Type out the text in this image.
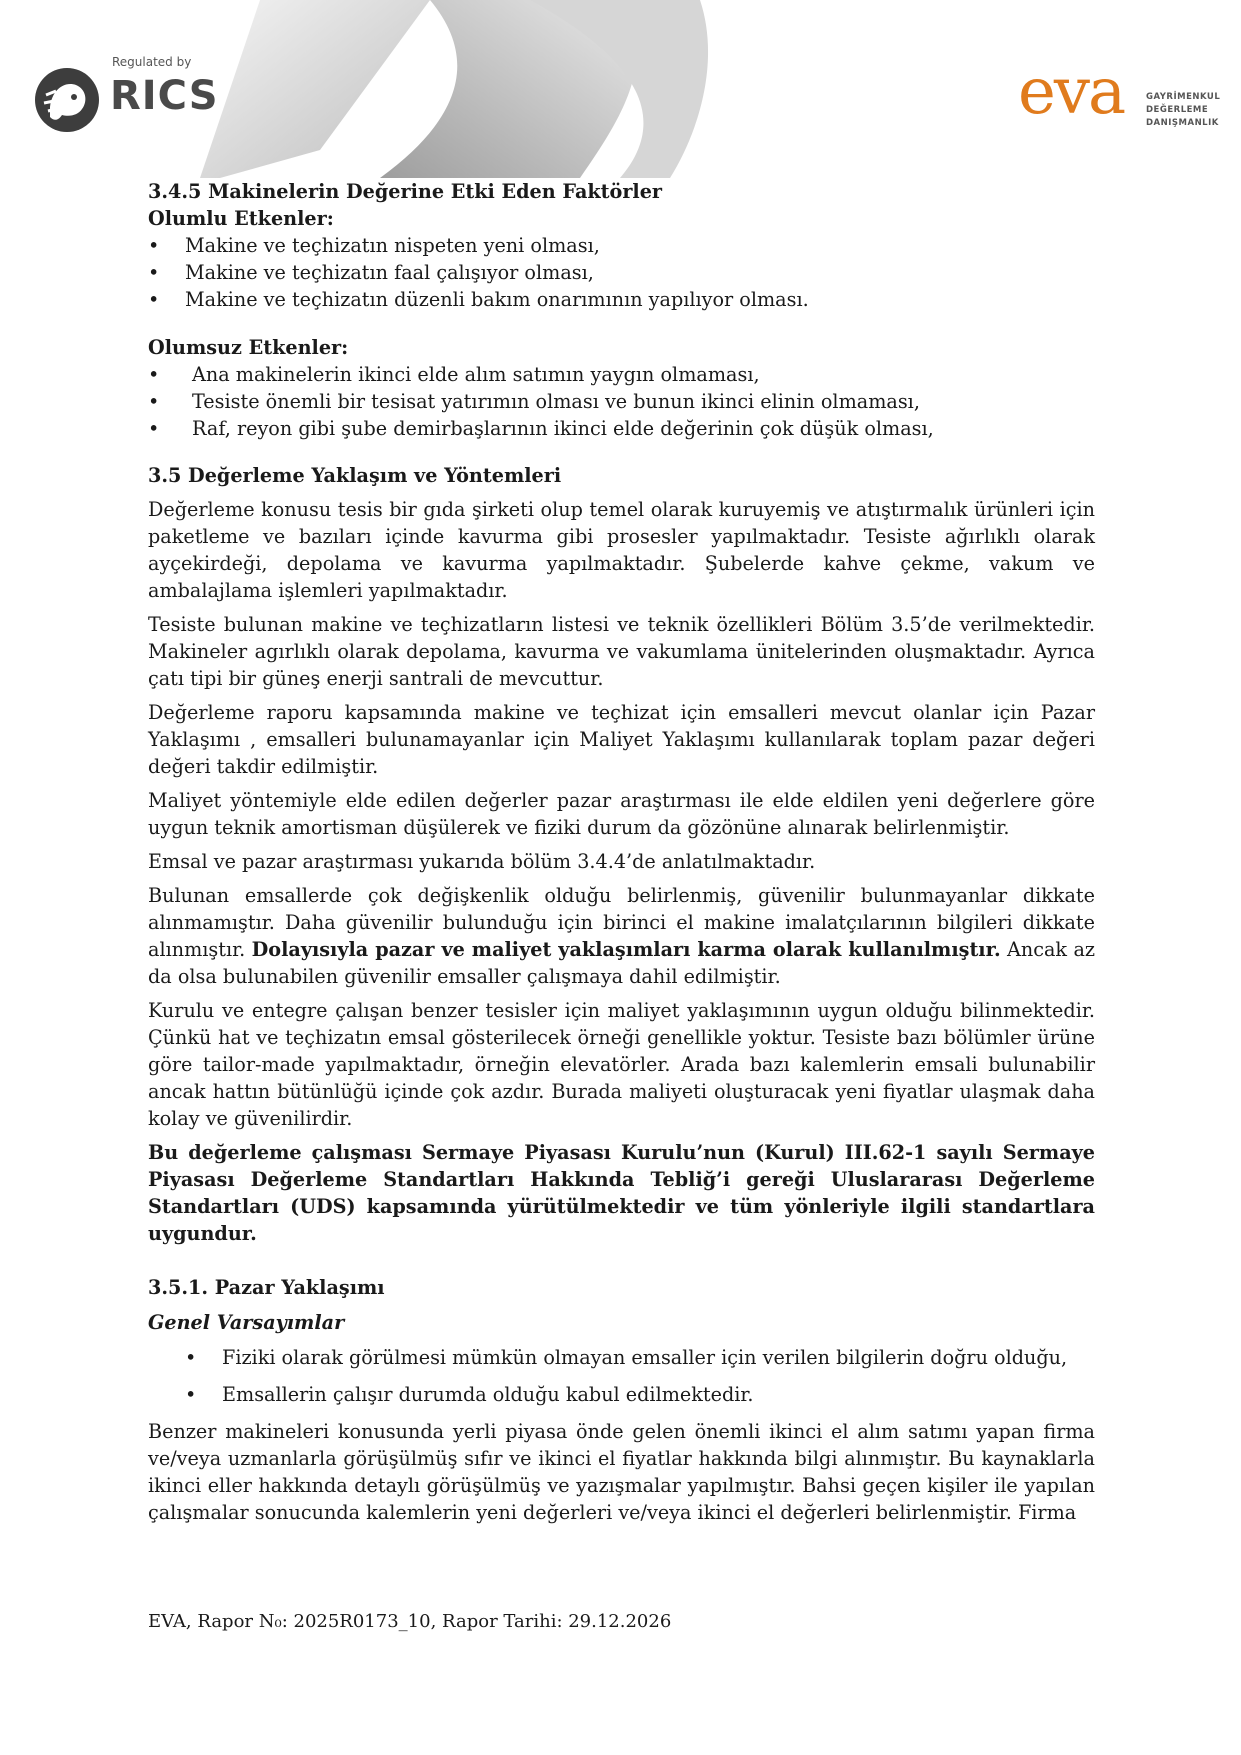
Regulated by
RICS	eva	GAYRİMENKUL
DEĞERLEME
DANIŞMANLIK
3.4.5 Makinelerin Değerine Etki Eden Faktörler
Olumlu Etkenler:
•	Makine ve teçhizatın nispeten yeni olması,
•	Makine ve teçhizatın faal çalışıyor olması,
•	Makine ve teçhizatın düzenli bakım onarımının yapılıyor olması.
Olumsuz Etkenler:
•	Ana makinelerin ikinci elde alım satımın yaygın olmaması,
•	Tesiste önemli bir tesisat yatırımın olması ve bunun ikinci elinin olmaması,
•	Raf, reyon gibi şube demirbaşlarının ikinci elde değerinin çok düşük olması,
3.5 Değerleme Yaklaşım ve Yöntemleri

Değerleme konusu tesis bir gıda şirketi olup temel olarak kuruyemiş ve atıştırmalık ürünleri için paketleme ve bazıları içinde kavurma gibi prosesler yapılmaktadır. Tesiste ağırlıklı olarak ayçekirdeği, depolama ve kavurma yapılmaktadır. Şubelerde kahve çekme, vakum ve ambalajlama işlemleri yapılmaktadır.

Tesiste bulunan makine ve teçhizatların listesi ve teknik özellikleri Bölüm 3.5’de verilmektedir. Makineler agırlıklı olarak depolama, kavurma ve vakumlama ünitelerinden oluşmaktadır. Ayrıca çatı tipi bir güneş enerji santrali de mevcuttur.

Değerleme raporu kapsamında makine ve teçhizat için emsalleri mevcut olanlar için Pazar Yaklaşımı , emsalleri bulunamayanlar için Maliyet Yaklaşımı kullanılarak toplam pazar değeri değeri takdir edilmiştir.

Maliyet yöntemiyle elde edilen değerler pazar araştırması ile elde eldilen yeni değerlere göre uygun teknik amortisman düşülerek ve fiziki durum da gözönüne alınarak belirlenmiştir.

Emsal ve pazar araştırması yukarıda bölüm 3.4.4’de anlatılmaktadır.

Bulunan emsallerde çok değişkenlik olduğu belirlenmiş, güvenilir bulunmayanlar dikkate alınmamıştır. Daha güvenilir bulunduğu için birinci el makine imalatçılarının bilgileri dikkate alınmıştır. Dolayısıyla pazar ve maliyet yaklaşımları karma olarak kullanılmıştır. Ancak az da olsa bulunabilen güvenilir emsaller çalışmaya dahil edilmiştir.

Kurulu ve entegre çalışan benzer tesisler için maliyet yaklaşımının uygun olduğu bilinmektedir. Çünkü hat ve teçhizatın emsal gösterilecek örneği genellikle yoktur. Tesiste bazı bölümler ürüne göre tailor-made yapılmaktadır, örneğin elevatörler. Arada bazı kalemlerin emsali bulunabilir ancak hattın bütünlüğü içinde çok azdır. Burada maliyeti oluşturacak yeni fiyatlar ulaşmak daha kolay ve güvenilirdir.

Bu değerleme çalışması Sermaye Piyasası Kurulu’nun (Kurul) III.62-1 sayılı Sermaye Piyasası Değerleme Standartları Hakkında Tebliğ’i gereği Uluslararası Değerleme Standartları (UDS) kapsamında yürütülmektedir ve tüm yönleriyle ilgili standartlara uygundur.

3.5.1. Pazar Yaklaşımı
Genel Varsayımlar
•	Fiziki olarak görülmesi mümkün olmayan emsaller için verilen bilgilerin doğru olduğu,
•	Emsallerin çalışır durumda olduğu kabul edilmektedir.

Benzer makineleri konusunda yerli piyasa önde gelen önemli ikinci el alım satımı yapan firma ve/veya uzmanlarla görüşülmüş sıfır ve ikinci el fiyatlar hakkında bilgi alınmıştır. Bu kaynaklarla ikinci eller hakkında detaylı görüşülmüş ve yazışmalar yapılmıştır. Bahsi geçen kişiler ile yapılan çalışmalar sonucunda kalemlerin yeni değerleri ve/veya ikinci el değerleri belirlenmiştir. Firma

EVA, Rapor N₀: 2025R0173_10, Rapor Tarihi: 29.12.2026
